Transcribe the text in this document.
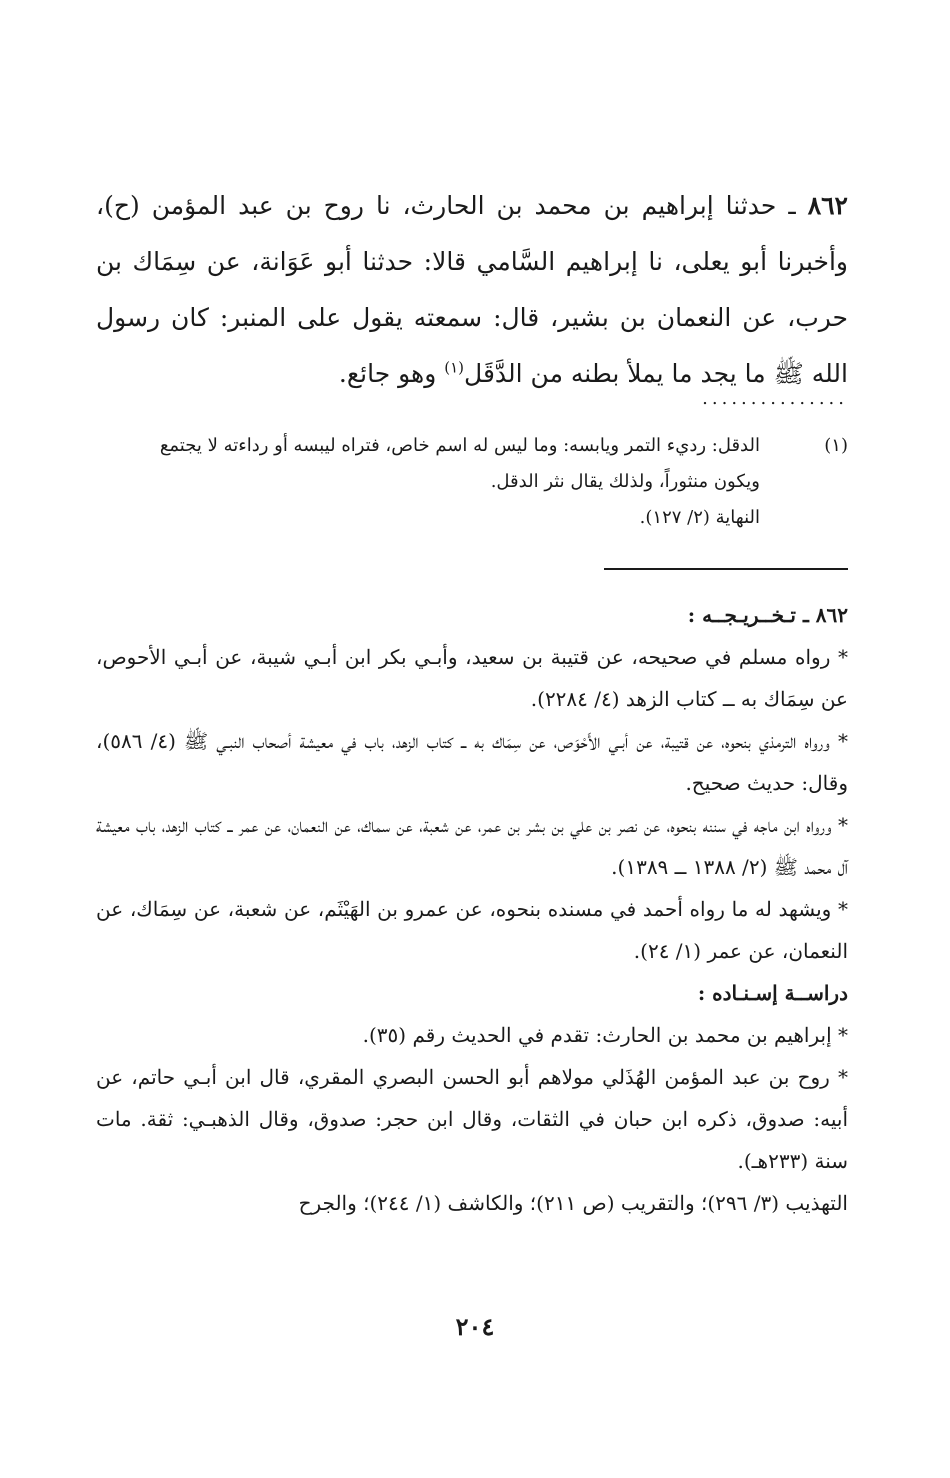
٨٦٢ ـ حدثنا إبراهيم بن محمد بن الحارث، نا روح بن عبد المؤمن (ح)، وأخبرنا أبو يعلى، نا إبراهيم السَّامي قالا: حدثنا أبو عَوَانة، عن سِمَاك بن حرب، عن النعمان بن بشير، قال: سمعته يقول على المنبر: كان رسول الله ﷺ ما يجد ما يملأ بطنه من الدَّقَل$^{(١)}$ وهو جائع.
...............
(١)
الدقل: رديء التمر ويابسه: وما ليس له اسم خاص، فتراه ليبسه أو رداءته لا يجتمع
ويكون منثوراً، ولذلك يقال نثر الدقل.
النهاية (٢/ ١٢٧).
٨٦٢ ـ تـخــريـجــه :

* رواه مسلم في صحيحه، عن قتيبة بن سعيد، وأبـي بكر ابن أبـي شيبة، عن أبـي الأحوص، عن سِمَاك به ــ كتاب الزهد (٤/ ٢٢٨٤).

* ورواه الترمذي بنحوه، عن قتيبة، عن أبـي الأَحْوَص، عن سِمَاك به ــ كتاب الزهد، باب في معيشة أصحاب النبـي ﷺ (٤/ ٥٨٦)، وقال: حديث صحيح.

* ورواه ابن ماجه في سننه بنحوه، عن نصر بن علي بن بشر بن عمر، عن شعبة، عن سماك، عن النعمان، عن عمر ــ كتاب الزهد، باب معيشة آل محمد ﷺ (٢/ ١٣٨٨ ــ ١٣٨٩).

* ويشهد له ما رواه أحمد في مسنده بنحوه، عن عمرو بن الهَيْثَم، عن شعبة، عن سِمَاك، عن النعمان، عن عمر (١/ ٢٤).

دراســة إسـنـاده :

* إبراهيم بن محمد بن الحارث: تقدم في الحديث رقم (٣٥).

* روح بن عبد المؤمن الهُذَلي مولاهم أبو الحسن البصري المقري، قال ابن أبـي حاتم، عن أبيه: صدوق، ذكره ابن حبان في الثقات، وقال ابن حجر: صدوق، وقال الذهبـي: ثقة. مات سنة (٢٣٣هـ).

التهذيب (٣/ ٢٩٦)؛ والتقريب (ص ٢١١)؛ والكاشف (١/ ٢٤٤)؛ والجرح

٢٠٤
